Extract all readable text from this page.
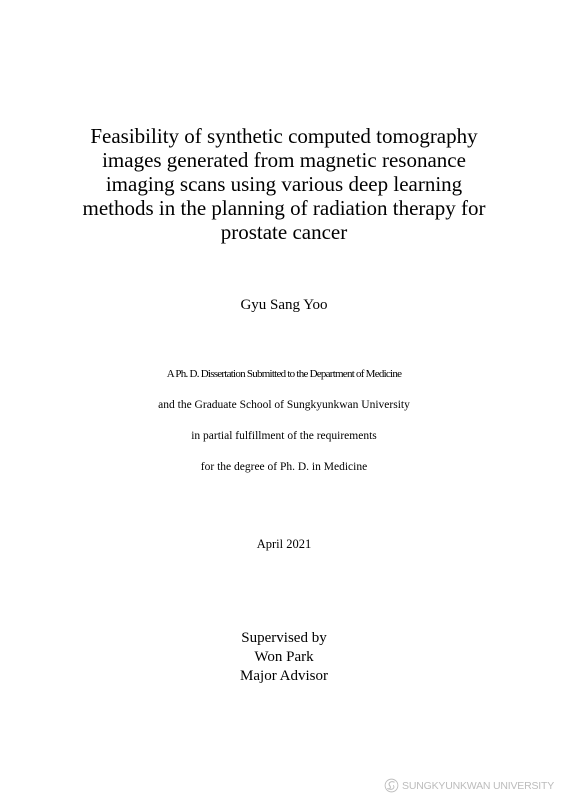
Feasibility of synthetic computed tomography
images generated from magnetic resonance
imaging scans using various deep learning
methods in the planning of radiation therapy for
prostate cancer
Gyu Sang Yoo
A Ph. D. Dissertation Submitted to the Department of Medicine
and the Graduate School of Sungkyunkwan University
in partial fulfillment of the requirements
for the degree of Ph. D. in Medicine
April 2021
Supervised by
Won Park
Major Advisor
SUNGKYUNKWAN UNIVERSITY
